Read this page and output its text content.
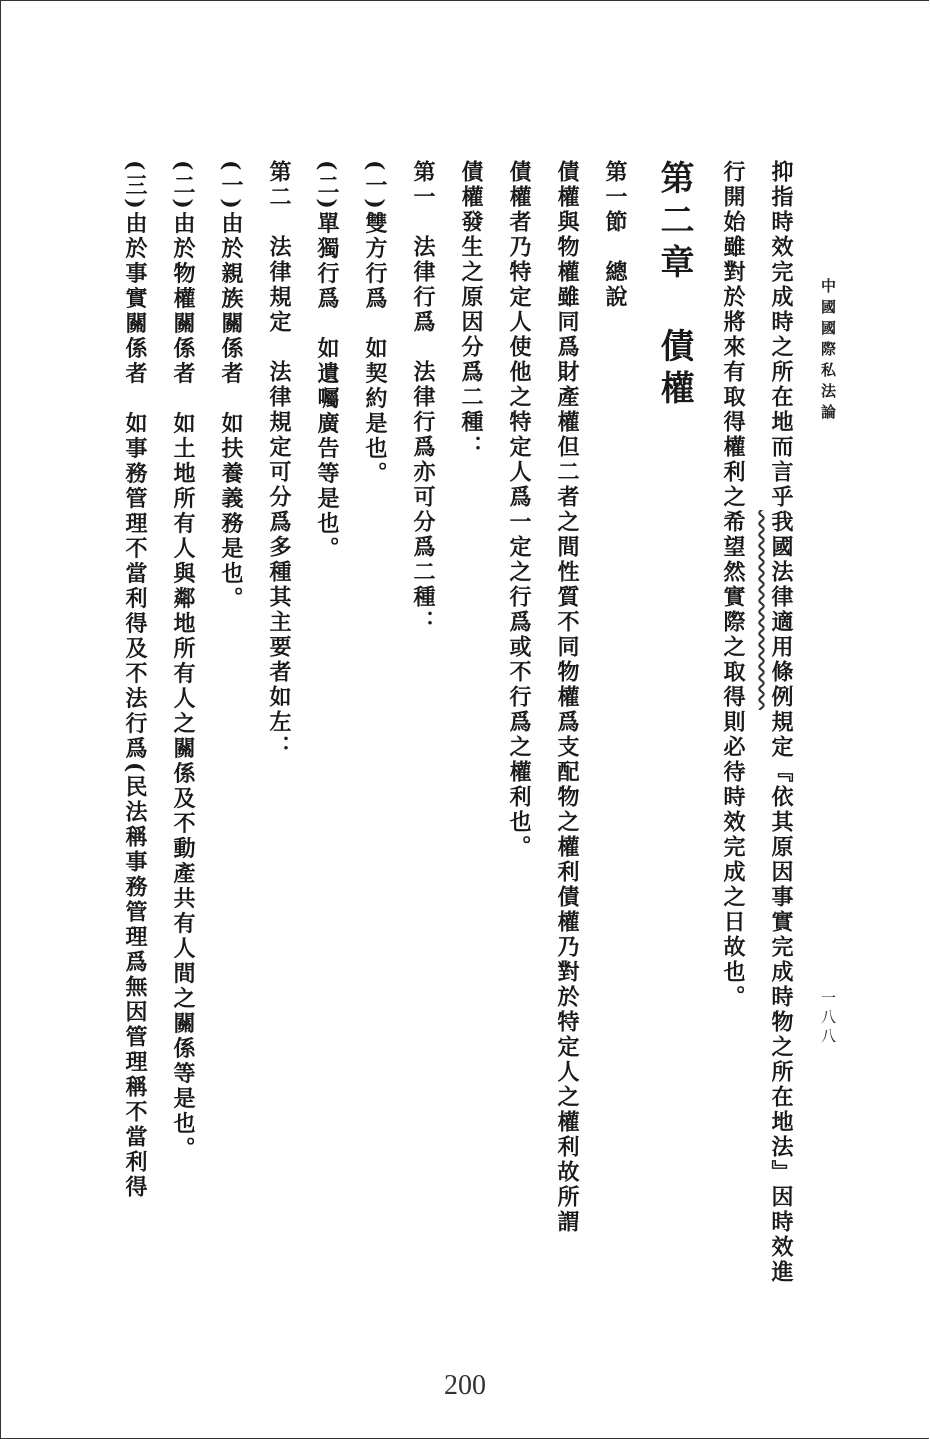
中國國際私法論
一八八

抑指時效完成時之所在地而言乎我國法律適用條例規定『依其原因事實完成時物之所在地法』因時效進

行開始雖對於將來有取得權利之希望然實際之取得則必待時效完成之日故也。

第二章　債權

第一節　總說

債權與物權雖同爲財產權但二者之間性質不同物權爲支配物之權利債權乃對於特定人之權利故所謂

債權者乃特定人使他之特定人爲一定之行爲或不行爲之權利也。

債權發生之原因分爲二種：

第一　法律行爲　法律行爲亦可分爲二種：

(一)雙方行爲　如契約是也。

(二)單獨行爲　如遺囑廣告等是也。

第二　法律規定　法律規定可分爲多種其主要者如左：

(一)由於親族關係者　如扶養義務是也。

(二)由於物權關係者　如土地所有人與鄰地所有人之關係及不動產共有人間之關係等是也。

(三)由於事實關係者　如事務管理不當利得及不法行爲(民法稱事務管理爲無因管理稱不當利得

200
